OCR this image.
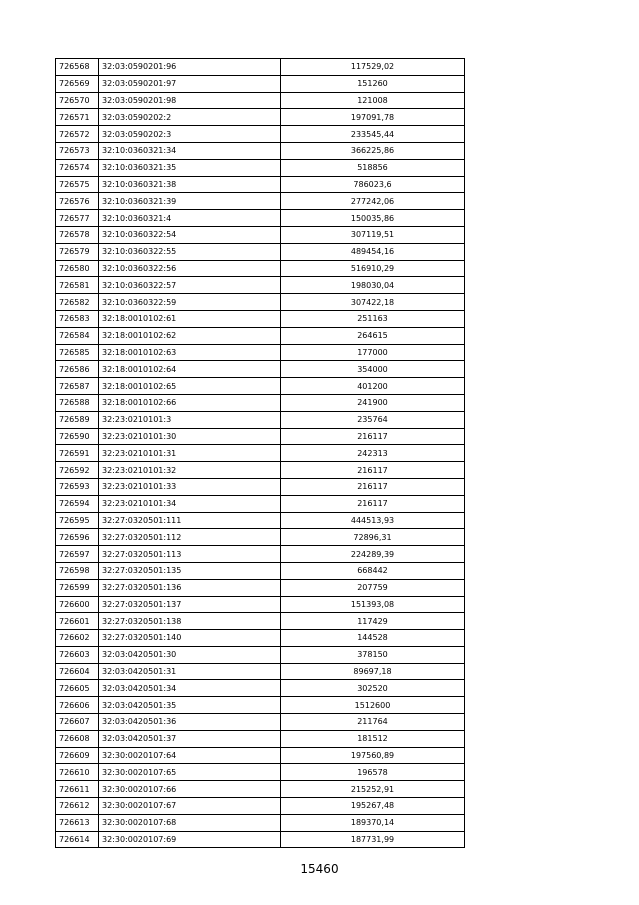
726568	32:03:0590201:96	117529,02
726569	32:03:0590201:97	151260
726570	32:03:0590201:98	121008
726571	32:03:0590202:2	197091,78
726572	32:03:0590202:3	233545,44
726573	32:10:0360321:34	366225,86
726574	32:10:0360321:35	518856
726575	32:10:0360321:38	786023,6
726576	32:10:0360321:39	277242,06
726577	32:10:0360321:4	150035,86
726578	32:10:0360322:54	307119,51
726579	32:10:0360322:55	489454,16
726580	32:10:0360322:56	516910,29
726581	32:10:0360322:57	198030,04
726582	32:10:0360322:59	307422,18
726583	32:18:0010102:61	251163
726584	32:18:0010102:62	264615
726585	32:18:0010102:63	177000
726586	32:18:0010102:64	354000
726587	32:18:0010102:65	401200
726588	32:18:0010102:66	241900
726589	32:23:0210101:3	235764
726590	32:23:0210101:30	216117
726591	32:23:0210101:31	242313
726592	32:23:0210101:32	216117
726593	32:23:0210101:33	216117
726594	32:23:0210101:34	216117
726595	32:27:0320501:111	444513,93
726596	32:27:0320501:112	72896,31
726597	32:27:0320501:113	224289,39
726598	32:27:0320501:135	668442
726599	32:27:0320501:136	207759
726600	32:27:0320501:137	151393,08
726601	32:27:0320501:138	117429
726602	32:27:0320501:140	144528
726603	32:03:0420501:30	378150
726604	32:03:0420501:31	89697,18
726605	32:03:0420501:34	302520
726606	32:03:0420501:35	1512600
726607	32:03:0420501:36	211764
726608	32:03:0420501:37	181512
726609	32:30:0020107:64	197560,89
726610	32:30:0020107:65	196578
726611	32:30:0020107:66	215252,91
726612	32:30:0020107:67	195267,48
726613	32:30:0020107:68	189370,14
726614	32:30:0020107:69	187731,99
15460
